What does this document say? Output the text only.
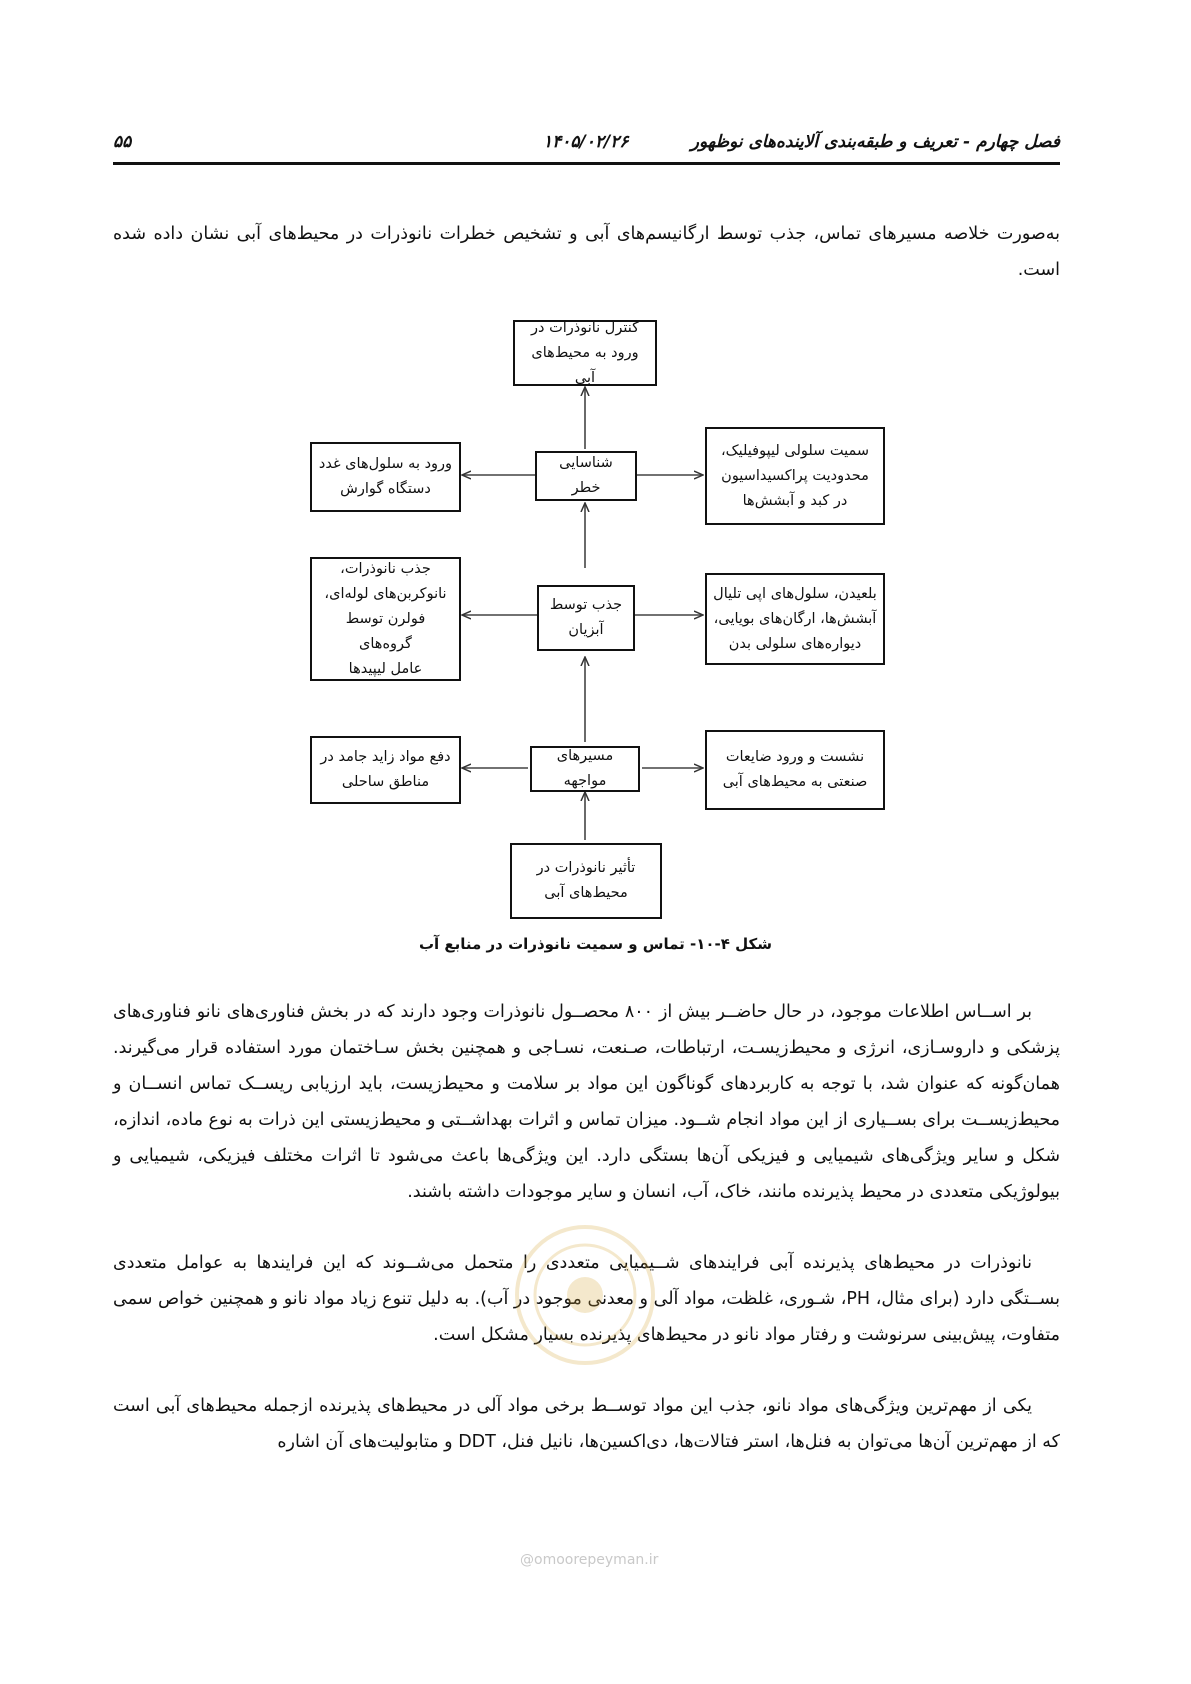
فصل چهارم - تعریف و طبقه‌بندی آلاینده‌های نوظهور
۱۴۰۵/۰۲/۲۶
۵۵

به‌صورت خلاصه مسیرهای تماس، جذب توسط ارگانیسم‌های آبی و تشخیص خطرات نانوذرات در محیط‌های آبی نشان داده شده است.

کنترل نانوذرات در
ورود به محیط‌های آبی
شناسایی خطر
ورود به سلول‌های غدد
دستگاه گوارش
سمیت سلولی لیپوفیلیک،
محدودیت پراکسیداسیون
در کبد و آبشش‌ها
جذب توسط
آبزیان
جذب نانوذرات،
نانوکربن‌های لوله‌ای،
فولرن توسط گروه‌های
عامل لیپیدها
بلعیدن، سلول‌های اپی تلیال
آبشش‌ها، ارگان‌های بویایی،
دیواره‌های سلولی بدن
مسیرهای مواجهه
دفع مواد زاید جامد در
مناطق ساحلی
نشست و ورود ضایعات
صنعتی به محیط‌های آبی
تأثیر نانوذرات در
محیط‌های آبی
شکل ۴-۱۰- تماس و سمیت نانوذرات در منابع آب

بر اســاس اطلاعات موجود، در حال حاضــر بیش از ۸۰۰ محصــول نانوذرات وجود دارند که در بخش فناوری‌های نانو فناوری‌های پزشکی و داروسـازی، انرژی و محیط‌زیسـت، ارتباطات، صـنعت، نسـاجی و همچنین بخش سـاختمان مورد استفاده قرار می‌گیرند. همان‌گونه که عنوان شد، با توجه به کاربردهای گوناگون این مواد بر سلامت و محیط‌زیست، باید ارزیابی ریســک تماس انســان و محیط‌زیســت برای بســیاری از این مواد انجام شــود. میزان تماس و اثرات بهداشــتی و محیط‌زیستی این ذرات به نوع ماده، اندازه، شکل و سایر ویژگی‌های شیمیایی و فیزیکی آن‌ها بستگی دارد. این ویژگی‌ها باعث می‌شود تا اثرات مختلف فیزیکی، شیمیایی و بیولوژیکی متعددی در محیط پذیرنده مانند، خاک، آب، انسان و سایر موجودات داشته باشند.

نانوذرات در محیط‌های پذیرنده آبی فرایندهای شــیمیایی متعددی را متحمل می‌شــوند که این فرایندها به عوامل متعددی بســتگی دارد (برای مثال، PH، شـوری، غلظت، مواد آلی و معدنی موجود در آب). به دلیل تنوع زیاد مواد نانو و همچنین خواص سمی متفاوت، پیش‌بینی سرنوشت و رفتار مواد نانو در محیط‌های پذیرنده بسیار مشکل است.

یکی از مهم‌ترین ویژگی‌های مواد نانو، جذب این مواد توســط برخی مواد آلی در محیط‌های پذیرنده ازجمله محیط‌های آبی است که از مهم‌ترین آن‌ها می‌توان به فنل‌ها، استر فتالات‌ها، دی‌اکسین‌ها، نانیل فنل، DDT و متابولیت‌های آن اشاره

@omoorepeyman.ir
